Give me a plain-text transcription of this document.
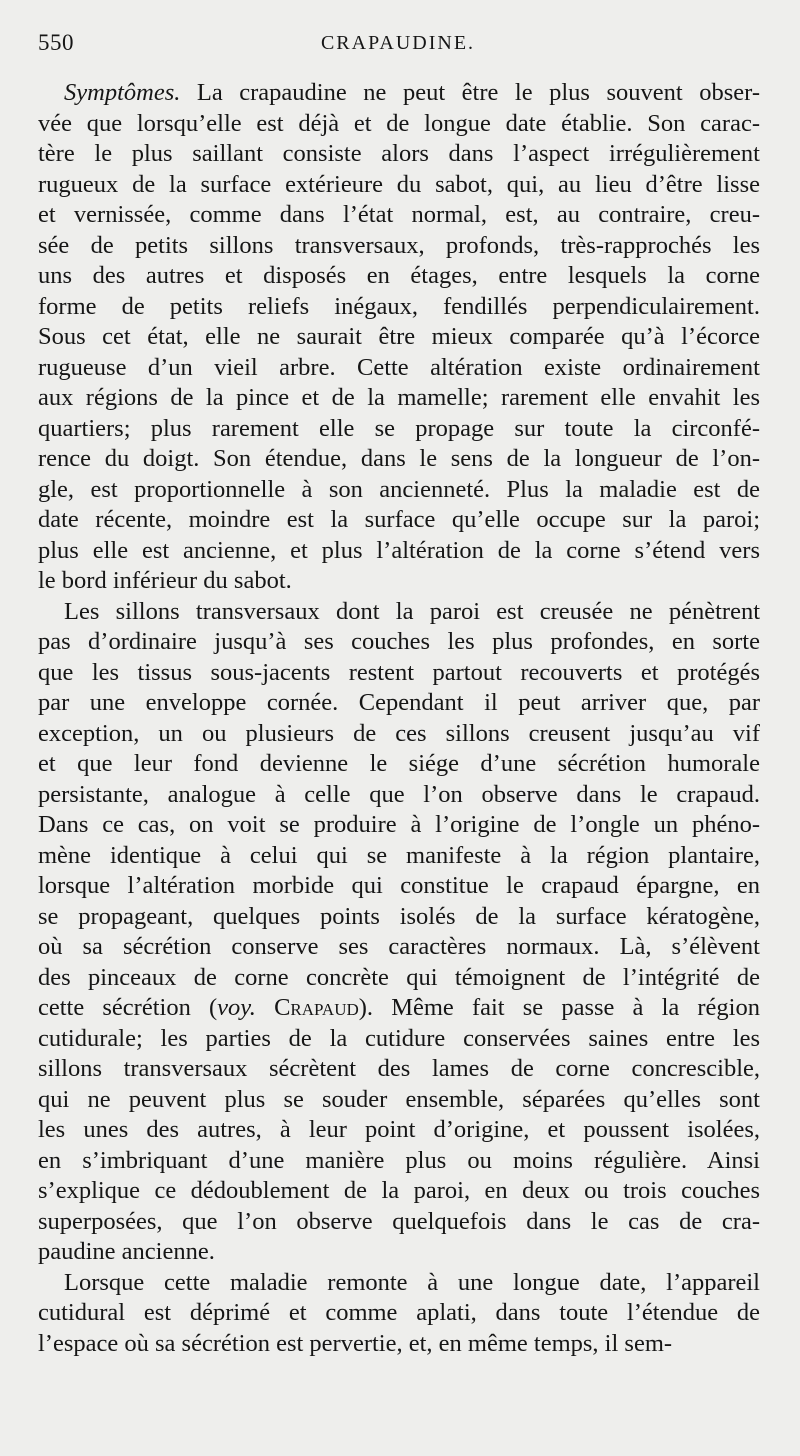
550	CRAPAUDINE.
Symptômes. La crapaudine ne peut être le plus souvent obser-
vée que lorsqu’elle est déjà et de longue date établie. Son carac-
tère le plus saillant consiste alors dans l’aspect irrégulièrement
rugueux de la surface extérieure du sabot, qui, au lieu d’être lisse
et vernissée, comme dans l’état normal, est, au contraire, creu-
sée de petits sillons transversaux, profonds, très-rapprochés les
uns des autres et disposés en étages, entre lesquels la corne
forme de petits reliefs inégaux, fendillés perpendiculairement.
Sous cet état, elle ne saurait être mieux comparée qu’à l’écorce
rugueuse d’un vieil arbre. Cette altération existe ordinairement
aux régions de la pince et de la mamelle; rarement elle envahit les
quartiers; plus rarement elle se propage sur toute la circonfé-
rence du doigt. Son étendue, dans le sens de la longueur de l’on-
gle, est proportionnelle à son ancienneté. Plus la maladie est de
date récente, moindre est la surface qu’elle occupe sur la paroi;
plus elle est ancienne, et plus l’altération de la corne s’étend vers
le bord inférieur du sabot.
Les sillons transversaux dont la paroi est creusée ne pénètrent
pas d’ordinaire jusqu’à ses couches les plus profondes, en sorte
que les tissus sous-jacents restent partout recouverts et protégés
par une enveloppe cornée. Cependant il peut arriver que, par
exception, un ou plusieurs de ces sillons creusent jusqu’au vif
et que leur fond devienne le siége d’une sécrétion humorale
persistante, analogue à celle que l’on observe dans le crapaud.
Dans ce cas, on voit se produire à l’origine de l’ongle un phéno-
mène identique à celui qui se manifeste à la région plantaire,
lorsque l’altération morbide qui constitue le crapaud épargne, en
se propageant, quelques points isolés de la surface kératogène,
où sa sécrétion conserve ses caractères normaux. Là, s’élèvent
des pinceaux de corne concrète qui témoignent de l’intégrité de
cette sécrétion (voy. Crapaud). Même fait se passe à la région
cutidurale; les parties de la cutidure conservées saines entre les
sillons transversaux sécrètent des lames de corne concrescible,
qui ne peuvent plus se souder ensemble, séparées qu’elles sont
les unes des autres, à leur point d’origine, et poussent isolées,
en s’imbriquant d’une manière plus ou moins régulière. Ainsi
s’explique ce dédoublement de la paroi, en deux ou trois couches
superposées, que l’on observe quelquefois dans le cas de cra-
paudine ancienne.
Lorsque cette maladie remonte à une longue date, l’appareil
cutidural est déprimé et comme aplati, dans toute l’étendue de
l’espace où sa sécrétion est pervertie, et, en même temps, il sem-
